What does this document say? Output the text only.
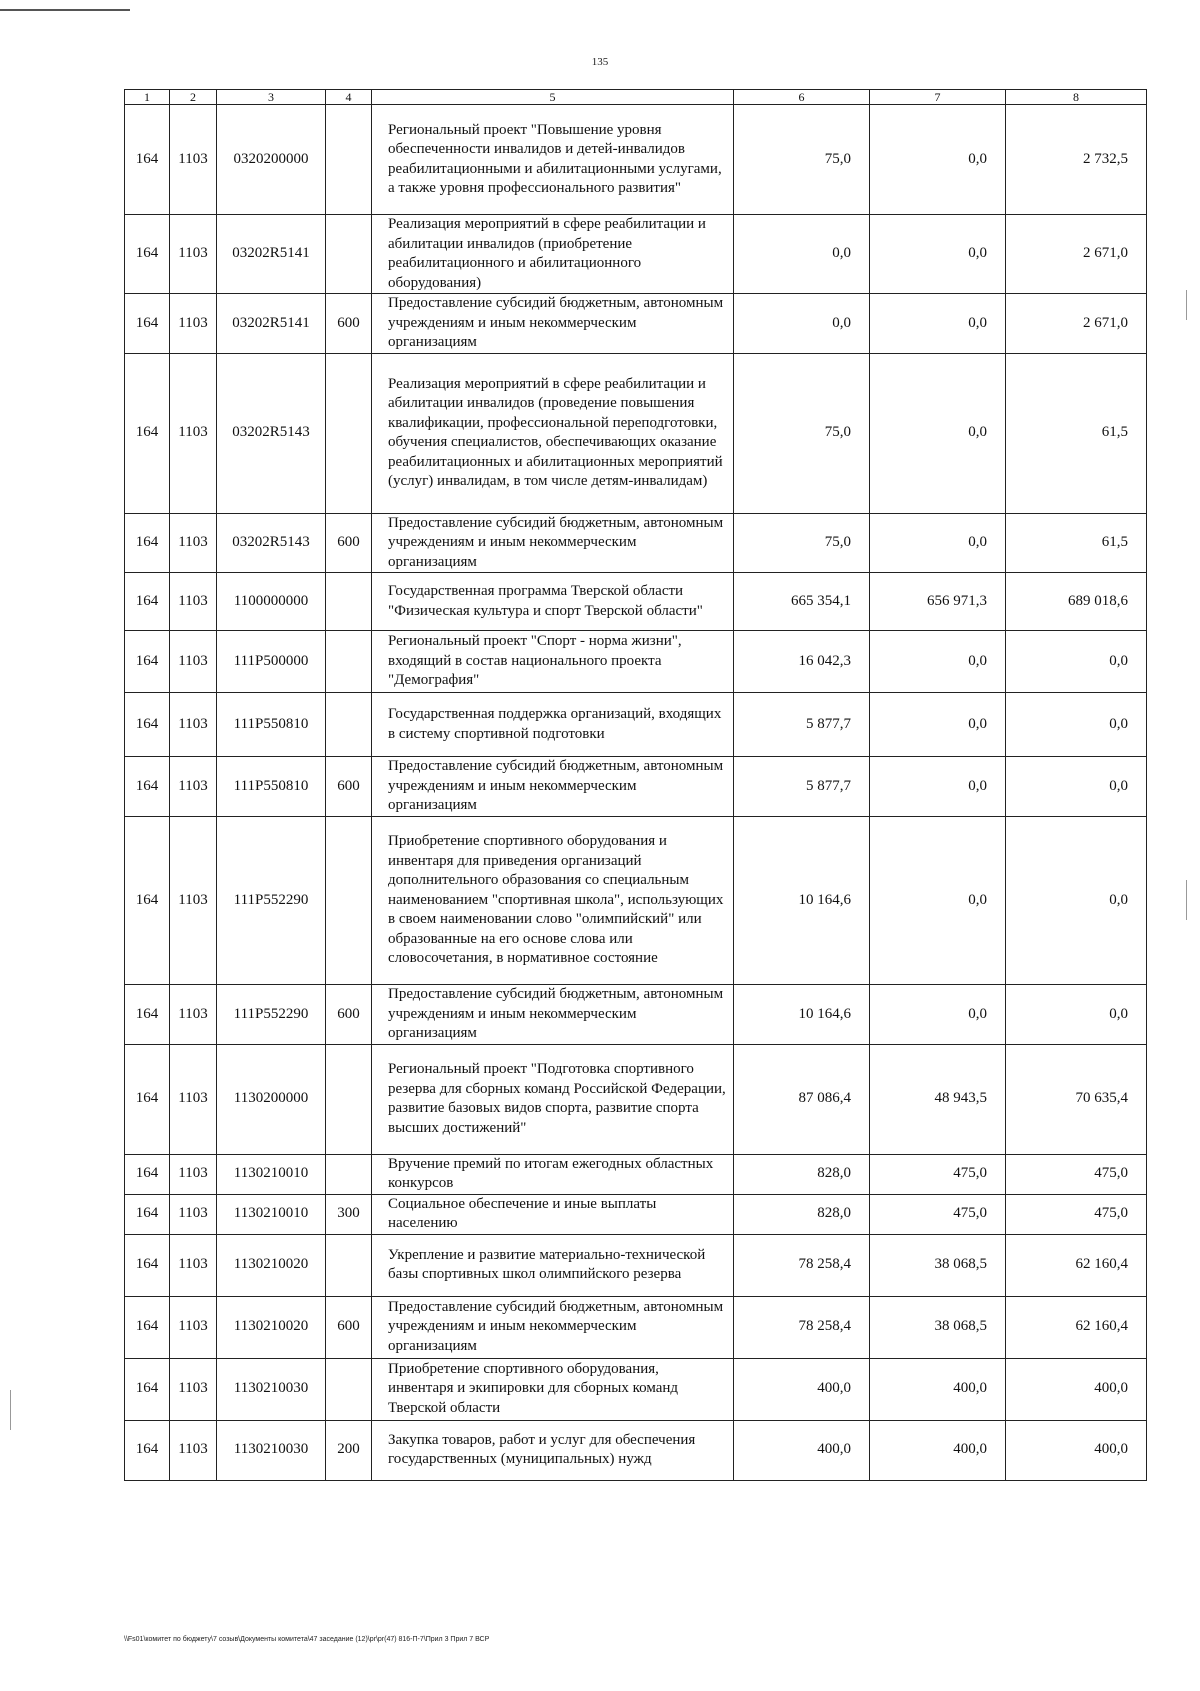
135
1	2	3	4	5	6	7	8
164	1103	0320200000		Региональный проект "Повышение уровня обеспеченности инвалидов и детей-инвалидов реабилитационными и абилитационными услугами, а также уровня профессионального развития"	75,0	0,0	2 732,5
164	1103	03202R5141		Реализация мероприятий в сфере реабилитации и абилитации инвалидов (приобретение реабилитационного и абилитационного оборудования)	0,0	0,0	2 671,0
164	1103	03202R5141	600	Предоставление субсидий бюджетным, автономным учреждениям и иным некоммерческим организациям	0,0	0,0	2 671,0
164	1103	03202R5143		Реализация мероприятий в сфере реабилитации и абилитации инвалидов (проведение повышения квалификации, профессиональной переподготовки, обучения специалистов, обеспечивающих оказание реабилитационных и абилитационных мероприятий (услуг) инвалидам, в том числе детям-инвалидам)	75,0	0,0	61,5
164	1103	03202R5143	600	Предоставление субсидий бюджетным, автономным учреждениям и иным некоммерческим организациям	75,0	0,0	61,5
164	1103	1100000000		Государственная программа Тверской области "Физическая культура и спорт Тверской области"	665 354,1	656 971,3	689 018,6
164	1103	111P500000		Региональный проект "Спорт - норма жизни", входящий в состав национального проекта "Демография"	16 042,3	0,0	0,0
164	1103	111P550810		Государственная поддержка организаций, входящих в систему спортивной подготовки	5 877,7	0,0	0,0
164	1103	111P550810	600	Предоставление субсидий бюджетным, автономным учреждениям и иным некоммерческим организациям	5 877,7	0,0	0,0
164	1103	111P552290		Приобретение спортивного оборудования и инвентаря для приведения организаций дополнительного образования со специальным наименованием "спортивная школа", использующих в своем наименовании слово "олимпийский" или образованные на его основе слова или словосочетания, в нормативное состояние	10 164,6	0,0	0,0
164	1103	111P552290	600	Предоставление субсидий бюджетным, автономным учреждениям и иным некоммерческим организациям	10 164,6	0,0	0,0
164	1103	1130200000		Региональный проект "Подготовка спортивного резерва для сборных команд Российской Федерации, развитие базовых видов спорта, развитие спорта высших достижений"	87 086,4	48 943,5	70 635,4
164	1103	1130210010		Вручение премий по итогам ежегодных областных конкурсов	828,0	475,0	475,0
164	1103	1130210010	300	Социальное обеспечение и иные выплаты населению	828,0	475,0	475,0
164	1103	1130210020		Укрепление и развитие материально-технической базы спортивных школ олимпийского резерва	78 258,4	38 068,5	62 160,4
164	1103	1130210020	600	Предоставление субсидий бюджетным, автономным учреждениям и иным некоммерческим организациям	78 258,4	38 068,5	62 160,4
164	1103	1130210030		Приобретение спортивного оборудования, инвентаря и экипировки для сборных команд Тверской области	400,0	400,0	400,0
164	1103	1130210030	200	Закупка товаров, работ и услуг для обеспечения государственных (муниципальных) нужд	400,0	400,0	400,0
\\Fs01\комитет по бюджету\7 созыв\Документы комитета\47 заседание (12)\pr\pr(47) 816-П-7\Прил 3 Прил 7 ВСР
